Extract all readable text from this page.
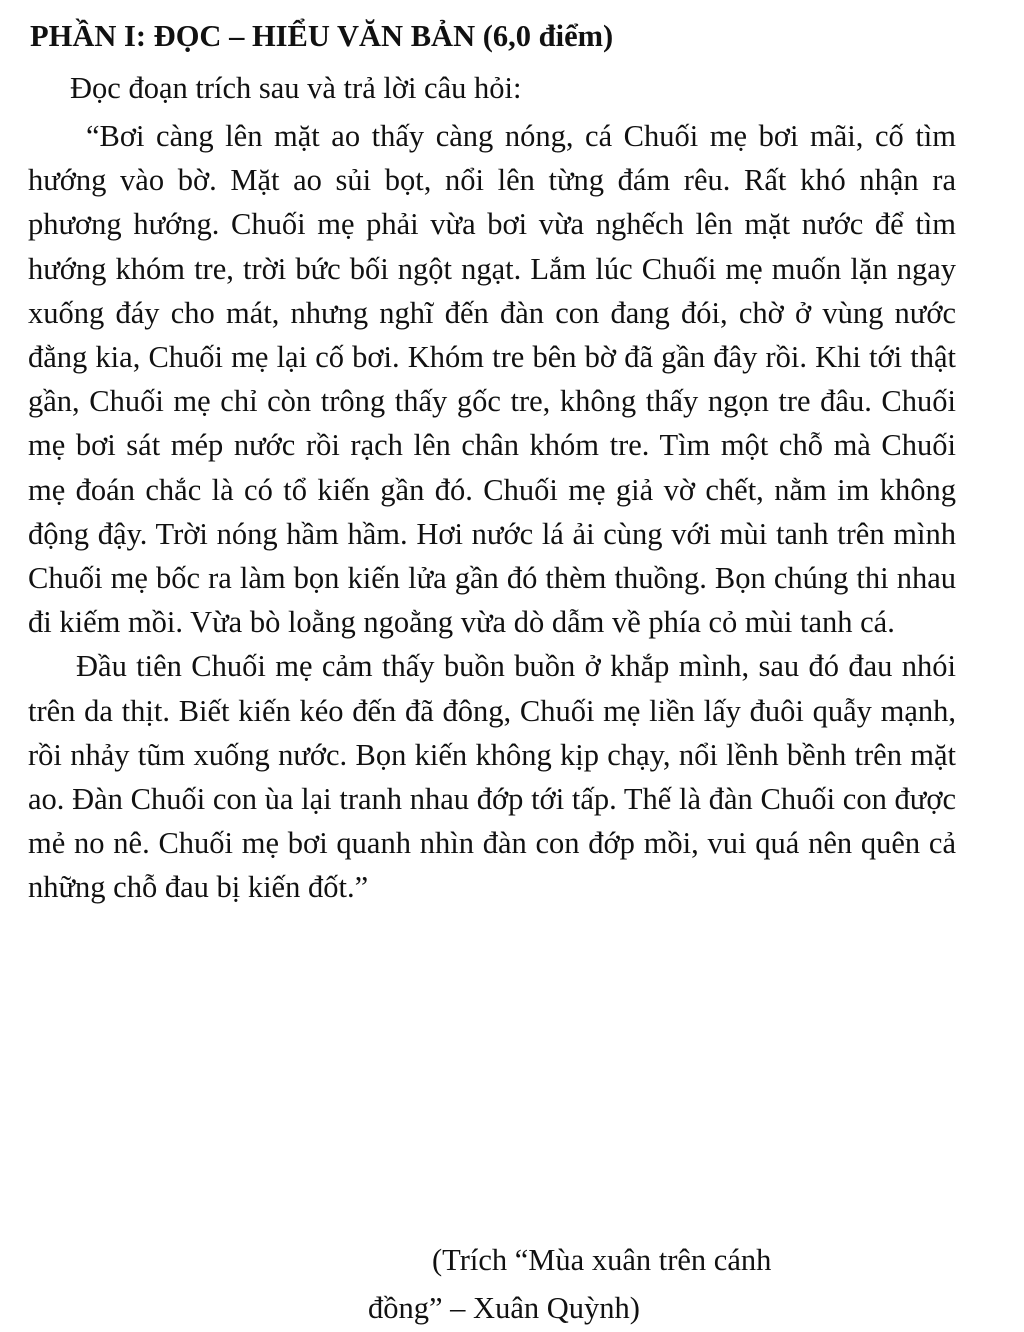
PHẦN I: ĐỌC – HIỂU VĂN BẢN (6,0 điểm)
Đọc đoạn trích sau và trả lời câu hỏi:

“Bơi càng lên mặt ao thấy càng nóng, cá Chuối mẹ bơi mãi, cố tìm hướng vào bờ. Mặt ao sủi bọt, nổi lên từng đám rêu. Rất khó nhận ra phương hướng. Chuối mẹ phải vừa bơi vừa nghếch lên mặt nước để tìm hướng khóm tre, trời bức bối ngột ngạt. Lắm lúc Chuối mẹ muốn lặn ngay xuống đáy cho mát, nhưng nghĩ đến đàn con đang đói, chờ ở vùng nước đằng kia, Chuối mẹ lại cố bơi. Khóm tre bên bờ đã gần đây rồi. Khi tới thật gần, Chuối mẹ chỉ còn trông thấy gốc tre, không thấy ngọn tre đâu. Chuối mẹ bơi sát mép nước rồi rạch lên chân khóm tre. Tìm một chỗ mà Chuối mẹ đoán chắc là có tổ kiến gần đó. Chuối mẹ giả vờ chết, nằm im không động đậy. Trời nóng hầm hầm. Hơi nước lá ải cùng với mùi tanh trên mình Chuối mẹ bốc ra làm bọn kiến lửa gần đó thèm thuồng. Bọn chúng thi nhau đi kiếm mồi. Vừa bò loằng ngoằng vừa dò dẫm về phía cỏ mùi tanh cá.

Đầu tiên Chuối mẹ cảm thấy buồn buồn ở khắp mình, sau đó đau nhói trên da thịt. Biết kiến kéo đến đã đông, Chuối mẹ liền lấy đuôi quẫy mạnh, rồi nhảy tũm xuống nước. Bọn kiến không kịp chạy, nổi lềnh bềnh trên mặt ao. Đàn Chuối con ùa lại tranh nhau đớp tới tấp. Thế là đàn Chuối con được mẻ no nê. Chuối mẹ bơi quanh nhìn đàn con đớp mồi, vui quá nên quên cả những chỗ đau bị kiến đốt.”

(Trích “Mùa xuân trên cánh
đồng” – Xuân Quỳnh)
